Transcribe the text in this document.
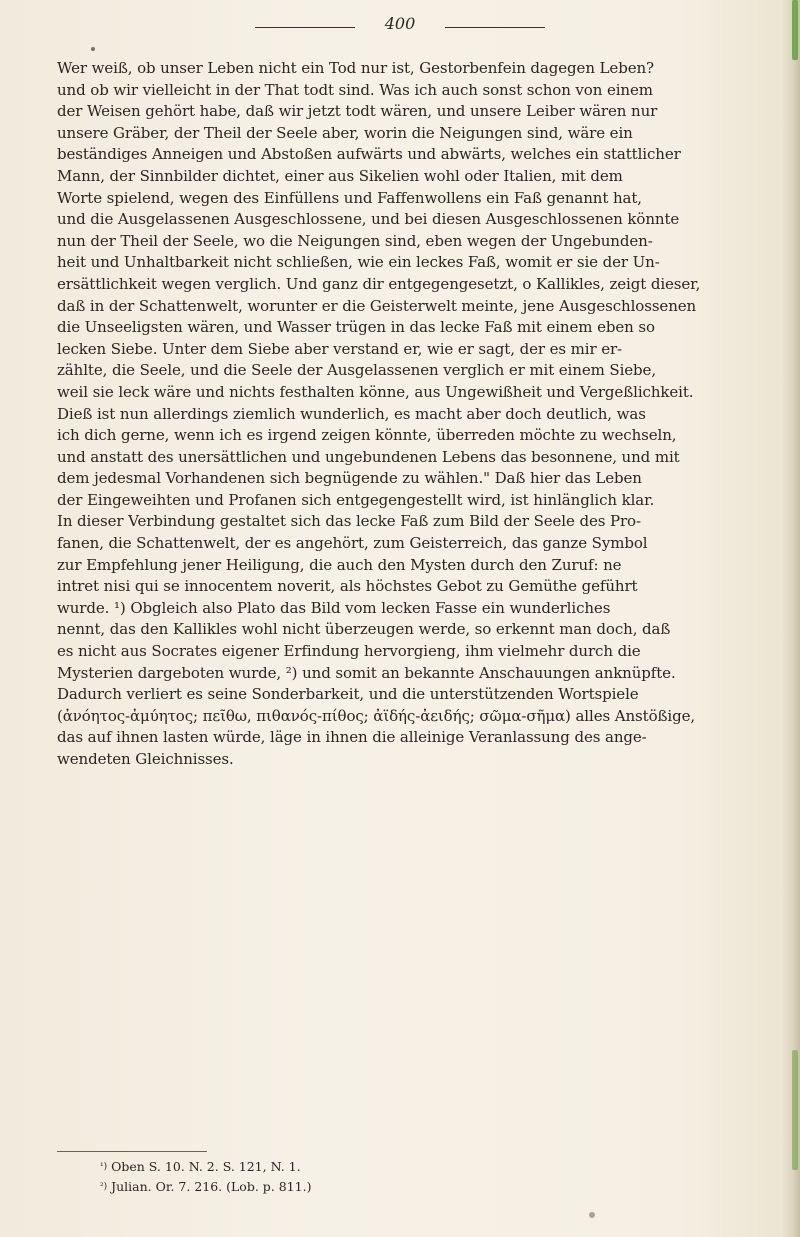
400
Wer weiß, ob unser Leben nicht ein Tod nur ist, Gestorbenfein dagegen Leben?
und ob wir vielleicht in der That todt sind. Was ich auch sonst schon von einem
der Weisen gehört habe, daß wir jetzt todt wären, und unsere Leiber wären nur
unsere Gräber, der Theil der Seele aber, worin die Neigungen sind, wäre ein
beständiges Anneigen und Abstoßen aufwärts und abwärts, welches ein stattlicher
Mann, der Sinnbilder dichtet, einer aus Sikelien wohl oder Italien, mit dem
Worte spielend, wegen des Einfüllens und Faffenwollens ein Faß genannt hat,
und die Ausgelassenen Ausgeschlossene, und bei diesen Ausgeschlossenen könnte
nun der Theil der Seele, wo die Neigungen sind, eben wegen der Ungebunden-
heit und Unhaltbarkeit nicht schließen, wie ein leckes Faß, womit er sie der Un-
ersättlichkeit wegen verglich. Und ganz dir entgegengesetzt, o Kallikles, zeigt dieser,
daß in der Schattenwelt, worunter er die Geisterwelt meinte, jene Ausgeschlossenen
die Unseeligsten wären, und Wasser trügen in das lecke Faß mit einem eben so
lecken Siebe. Unter dem Siebe aber verstand er, wie er sagt, der es mir er-
zählte, die Seele, und die Seele der Ausgelassenen verglich er mit einem Siebe,
weil sie leck wäre und nichts festhalten könne, aus Ungewißheit und Vergeßlichkeit.
Dieß ist nun allerdings ziemlich wunderlich, es macht aber doch deutlich, was
ich dich gerne, wenn ich es irgend zeigen könnte, überreden möchte zu wechseln,
und anstatt des unersättlichen und ungebundenen Lebens das besonnene, und mit
dem jedesmal Vorhandenen sich begnügende zu wählen." Daß hier das Leben
der Eingeweihten und Profanen sich entgegengestellt wird, ist hinlänglich klar.
In dieser Verbindung gestaltet sich das lecke Faß zum Bild der Seele des Pro-
fanen, die Schattenwelt, der es angehört, zum Geisterreich, das ganze Symbol
zur Empfehlung jener Heiligung, die auch den Mysten durch den Zuruf: ne
intret nisi qui se innocentem noverit, als höchstes Gebot zu Gemüthe geführt
wurde. ¹) Obgleich also Plato das Bild vom lecken Fasse ein wunderliches
nennt, das den Kallikles wohl nicht überzeugen werde, so erkennt man doch, daß
es nicht aus Socrates eigener Erfindung hervorgieng, ihm vielmehr durch die
Mysterien dargeboten wurde, ²) und somit an bekannte Anschauungen anknüpfte.
Dadurch verliert es seine Sonderbarkeit, und die unterstützenden Wortspiele
(ἀνόητος-ἀμύητος; πεῖθω, πιθανός-πίθος; ἀϊδής-ἀειδής; σῶμα-σῆμα) alles Anstößige,
das auf ihnen lasten würde, läge in ihnen die alleinige Veranlassung des ange-
wendeten Gleichnisses.
$^{^1)}$ Oben S. 10. N. 2. S. 121, N. 1.
$^{^2)}$ Julian. Or. 7. 216. (Lob. p. 811.)
